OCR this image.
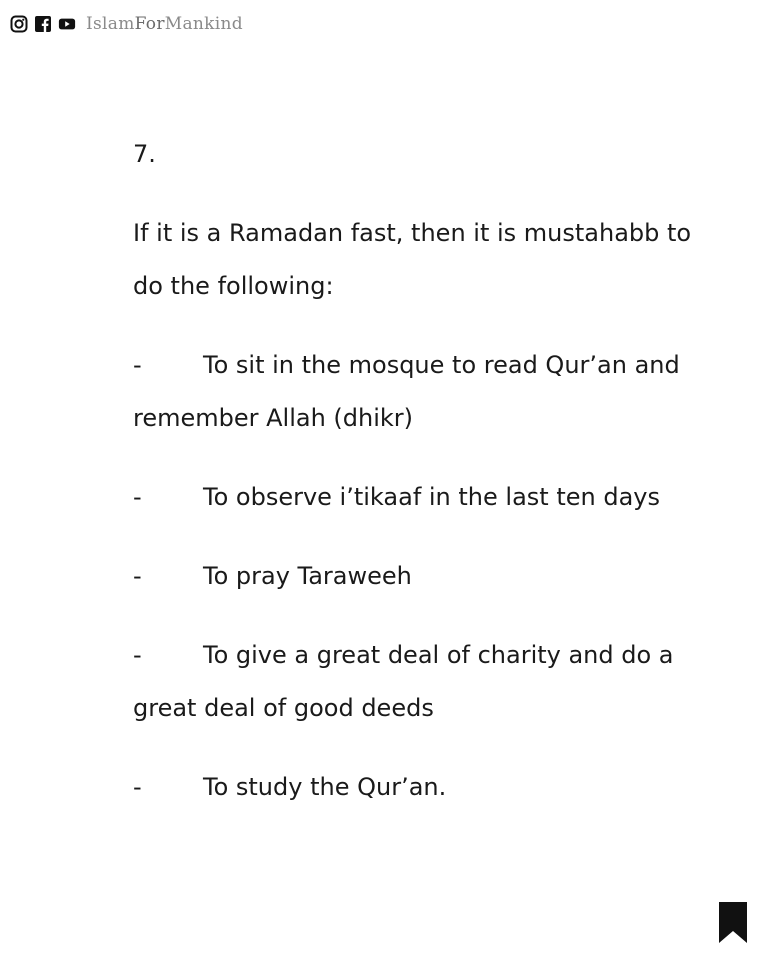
IslamForMankind
7.

If it is a Ramadan fast, then it is mustahabb to do the following:

-	To sit in the mosque to read Qur’an and remember Allah (dhikr)
-	To observe i’tikaaf in the last ten days
-	To pray Taraweeh
-	To give a great deal of charity and do a great deal of good deeds
-	To study the Qur’an.
